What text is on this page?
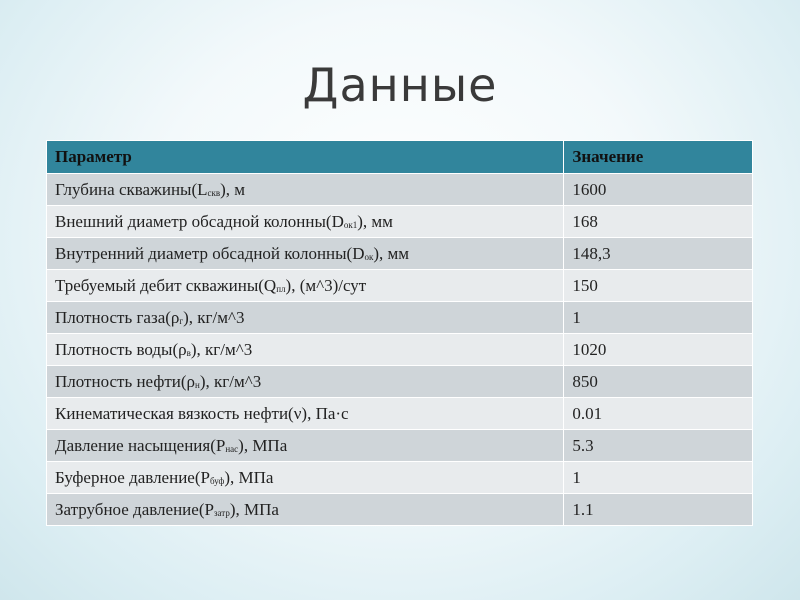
Данные
Параметр	Значение
Глубина $скважины(L_{скв})$, м	1600
Внешний диаметр обсадной $колонны(D_{ок1})$, мм	168
Внутренний диаметр обсадной $колонны(D_{ок})$, мм	148,3
Требуемый дебит $скважины(Q_{пл})$, (м^3)/сут	150
Плотность $газа(\rho_г)$, кг/м^3	1
Плотность $воды(\rho_в)$, кг/м^3	1020
Плотность $нефти(\rho_н)$, кг/м^3	850
Кинематическая вязкость нефти(ν), Па·с	0.01
Давление $насыщения(P_{нас})$, МПа	5.3
Буферное $давление(P_{буф})$, МПа	1
Затрубное $давление(P_{затр})$, МПа	1.1
